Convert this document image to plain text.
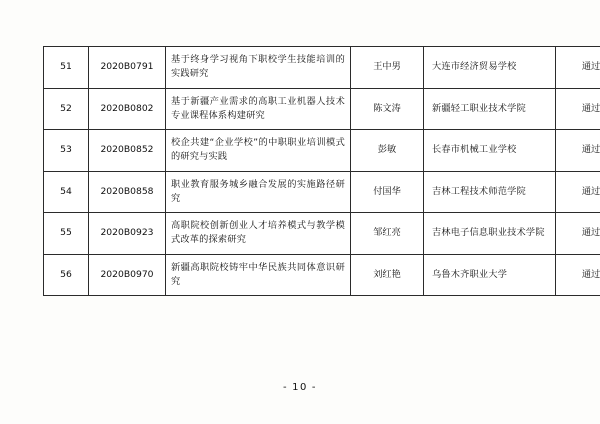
51	2020B0791	基于终身学习视角下职校学生技能培训的实践研究	王中男	大连市经济贸易学校	通过
52	2020B0802	基于新疆产业需求的高职工业机器人技术专业课程体系构建研究	陈文涛	新疆轻工职业技术学院	通过
53	2020B0852	校企共建“企业学校”的中职职业培训模式的研究与实践	彭敏	长春市机械工业学校	通过
54	2020B0858	职业教育服务城乡融合发展的实施路径研究	付国华	吉林工程技术师范学院	通过
55	2020B0923	高职院校创新创业人才培养模式与教学模式改革的探索研究	邹红亮	吉林电子信息职业技术学院	通过
56	2020B0970	新疆高职院校铸牢中华民族共同体意识研究	刘红艳	乌鲁木齐职业大学	通过
- 10 -
